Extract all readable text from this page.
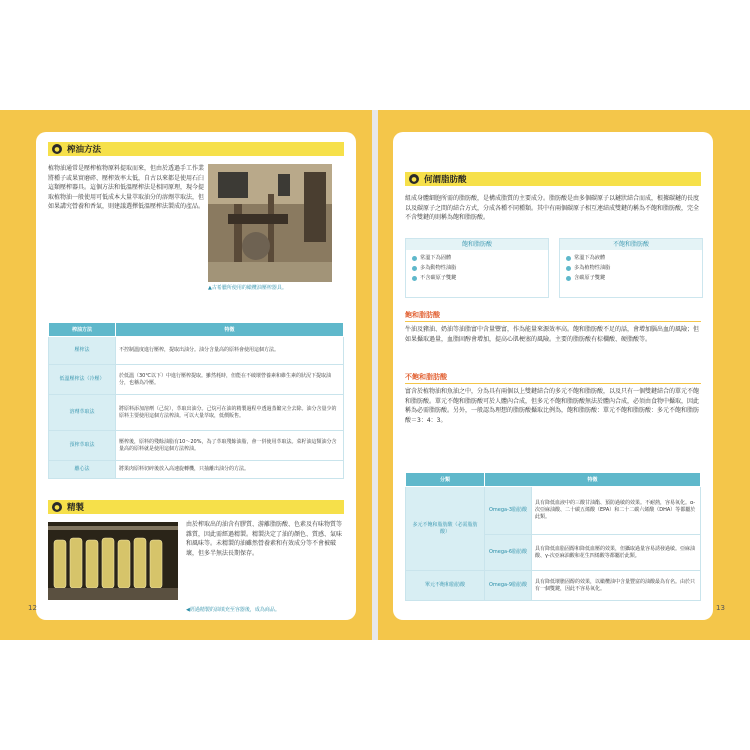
● 榨油方法
植物油通常是壓榨植物原料提取而來，但由於透過手工作業將種子或果實磨碎、壓榨效率太低，自古以來都是使用石臼這類壓榨器具。這個方法和低溫壓榨法是相同原理，現今提取植物油一般使用可低成本大量萃取油分的溶劑萃取法，但如果講究營養和香氣，則建議選擇低溫壓榨法製成的產品。
▲古希臘所使用的橄欖油壓榨器具。
榨油方法	特徵
壓榨法	不控制溫度進行壓榨，提取出油分。油分含量高的原料會使用這個方法。
低溫壓榨法（冷壓）	於低溫（30℃以下）中進行壓榨提取。雖然耗時，但能在不破壞營養素和維生素的狀況下提取油分，也稱為冷壓。
溶劑萃取法	將原料添加溶劑（己烷），萃取出油分。己烷可在油的精製過程中透過蒸餾完全去除。油分含量少的原料主要使用這個方法榨油。可以大量萃取，低價販售。
預榨萃取法	壓榨後，原料的殘餘油脂有10～20%，為了萃取殘餘油脂，會一併使用萃取法。菜籽油這類油分含量高的原料就是使用這個方法榨油。
離心法	將果肉原料切碎後放入高速旋轉機，只抽離出油分的方法。
● 精製
由於榨取出的油含有膠質、游離脂肪酸、色素及有味物質等雜質，因此需經過精製。精製決定了油的顏色、質感、氣味和風味等。未精製的油雖然營養素和有效成分等不會被破壞，但多半無法長期保存。
◀經過精製的油填充至容器後，成為商品。
● 何謂脂肪酸
組成身體細胞所需的脂肪酸，是構成脂質的主要成分。脂肪酸是由多個碳原子以鏈狀結合而成，根據碳鏈的長度以及碳原子之間的結合方式，分成各種不同種類。其中有兩個碳原子相互連結成雙鍵的稱為不飽和脂肪酸，完全不含雙鍵的則稱為飽和脂肪酸。
飽和脂肪酸
常溫下為固體
多為動物性油脂
不含碳原子雙鍵
不飽和脂肪酸
常溫下為液體
多為植物性油脂
含碳原子雙鍵
飽和脂肪酸
牛油及豬油、奶油等油脂富中含量豐富，作為能量來源效率高。飽和脂肪酸不足的話，會增加腦出血的風險；但如果攝取過量，血脂固醇會增加，提高心肌梗塞的風險。主要的脂肪酸有棕櫚酸、硬脂酸等。
不飽和脂肪酸
富含於植物油和魚油之中，分為具有兩個以上雙鍵結合的多元不飽和脂肪酸，以及只有一個雙鍵結合的單元不飽和脂肪酸。單元不飽和脂肪酸可於人體內合成，但多元不飽和脂肪酸無法於體內合成，必須由食物中攝取，因此稱為必需脂肪酸。另外，一般認為理想的脂肪酸攝取比例為，飽和脂肪酸：單元不飽和脂肪酸：多元不飽和脂肪酸＝3：4：3。
分類	特徵	
多元不飽和脂肪酸（必需脂肪酸）	Omega-3脂肪酸	具有降低血液中的三酸甘油酯、預防過敏的效果。不耐熱，容易氧化。α-次亞麻油酸、二十碳五烯酸（EPA）和二十二碳六烯酸（DHA）等都屬於此類。
	Omega-6脂肪酸	具有降低血脂固醇和降低血壓的效果，但攝取過量容易誘發過敏。亞麻油酸、γ-次亞麻油酸和花生四烯酸等都屬於此類。
單元不飽和脂肪酸	Omega-9脂肪酸	具有降低壞膽固醇的效果，以橄欖油中含量豐富的油酸最為有名。由於只有一個雙鍵，因此不容易氧化。
12	13
